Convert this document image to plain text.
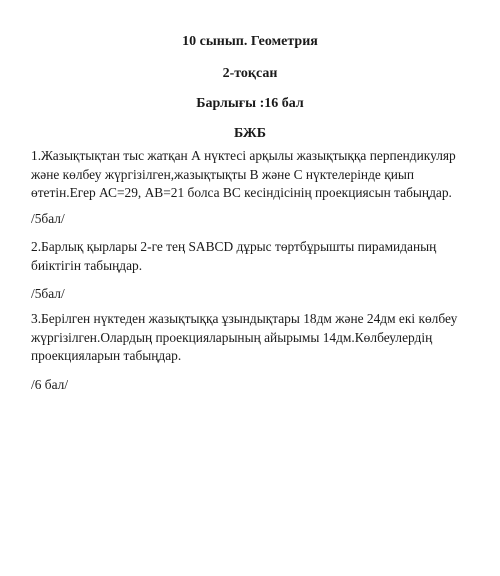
10 сынып. Геометрия
2-тоқсан
Барлығы :16 бал
БЖБ
1.Жазықтықтан тыс жатқан А нүктесі арқылы жазықтыққа перпендикуляр
және көлбеу жүргізілген,жазықтықты В және С нүктелерінде қиып
өтетін.Егер АС=29, АВ=21 болса ВС кесіндісінің проекциясын табыңдар.
/5бал/
2.Барлық қырлары 2-ге тең SABCD дұрыс төртбұрышты пирамиданың
биіктігін табыңдар.
/5бал/
3.Берілген нүктеден жазықтыққа ұзындықтары 18дм және 24дм екі көлбеу
жүргізілген.Олардың проекцияларының айырымы 14дм.Көлбеулердің
проекцияларын табыңдар.
/6 бал/
